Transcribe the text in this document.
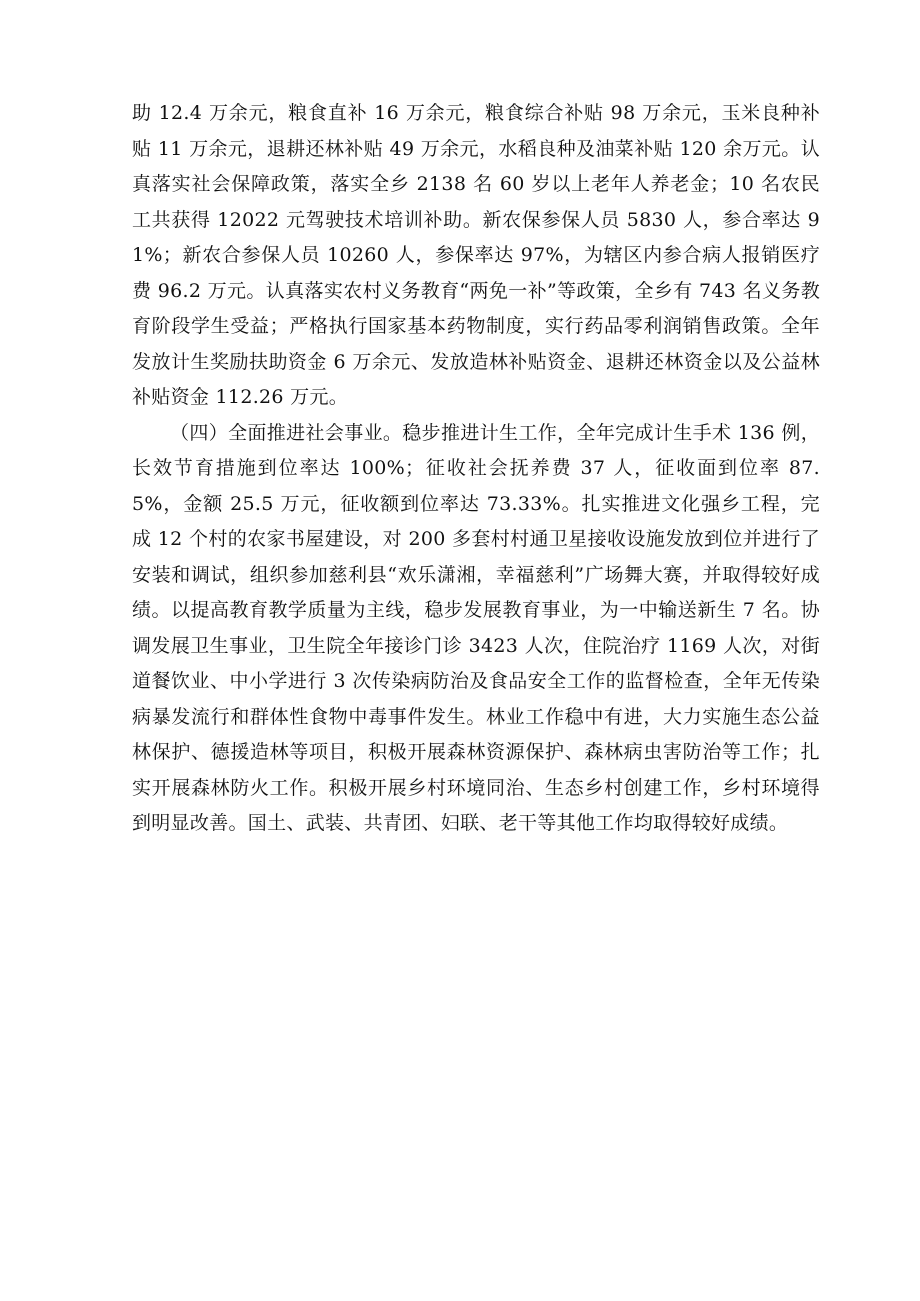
助 12.4 万余元，粮食直补 16 万余元，粮食综合补贴 98 万余元，玉米良种补贴 11 万余元，退耕还林补贴 49 万余元，水稻良种及油菜补贴 120 余万元。认真落实社会保障政策，落实全乡 2138 名 60 岁以上老年人养老金；10 名农民工共获得 12022 元驾驶技术培训补助。新农保参保人员 5830 人，参合率达 91%；新农合参保人员 10260 人，参保率达 97%，为辖区内参合病人报销医疗费 96.2 万元。认真落实农村义务教育“两免一补”等政策，全乡有 743 名义务教育阶段学生受益；严格执行国家基本药物制度，实行药品零利润销售政策。全年发放计生奖励扶助资金 6 万余元、发放造林补贴资金、退耕还林资金以及公益林补贴资金 112.26 万元。

（四）全面推进社会事业。稳步推进计生工作，全年完成计生手术 136 例，长效节育措施到位率达 100%；征收社会抚养费 37 人，征收面到位率 87.5%，金额 25.5 万元，征收额到位率达 73.33%。扎实推进文化强乡工程，完成 12 个村的农家书屋建设，对 200 多套村村通卫星接收设施发放到位并进行了安装和调试，组织参加慈利县“欢乐潇湘，幸福慈利”广场舞大赛，并取得较好成绩。以提高教育教学质量为主线，稳步发展教育事业，为一中输送新生 7 名。协调发展卫生事业，卫生院全年接诊门诊 3423 人次，住院治疗 1169 人次，对街道餐饮业、中小学进行 3 次传染病防治及食品安全工作的监督检查，全年无传染病暴发流行和群体性食物中毒事件发生。林业工作稳中有进，大力实施生态公益林保护、德援造林等项目，积极开展森林资源保护、森林病虫害防治等工作；扎实开展森林防火工作。积极开展乡村环境同治、生态乡村创建工作，乡村环境得到明显改善。国土、武装、共青团、妇联、老干等其他工作均取得较好成绩。
